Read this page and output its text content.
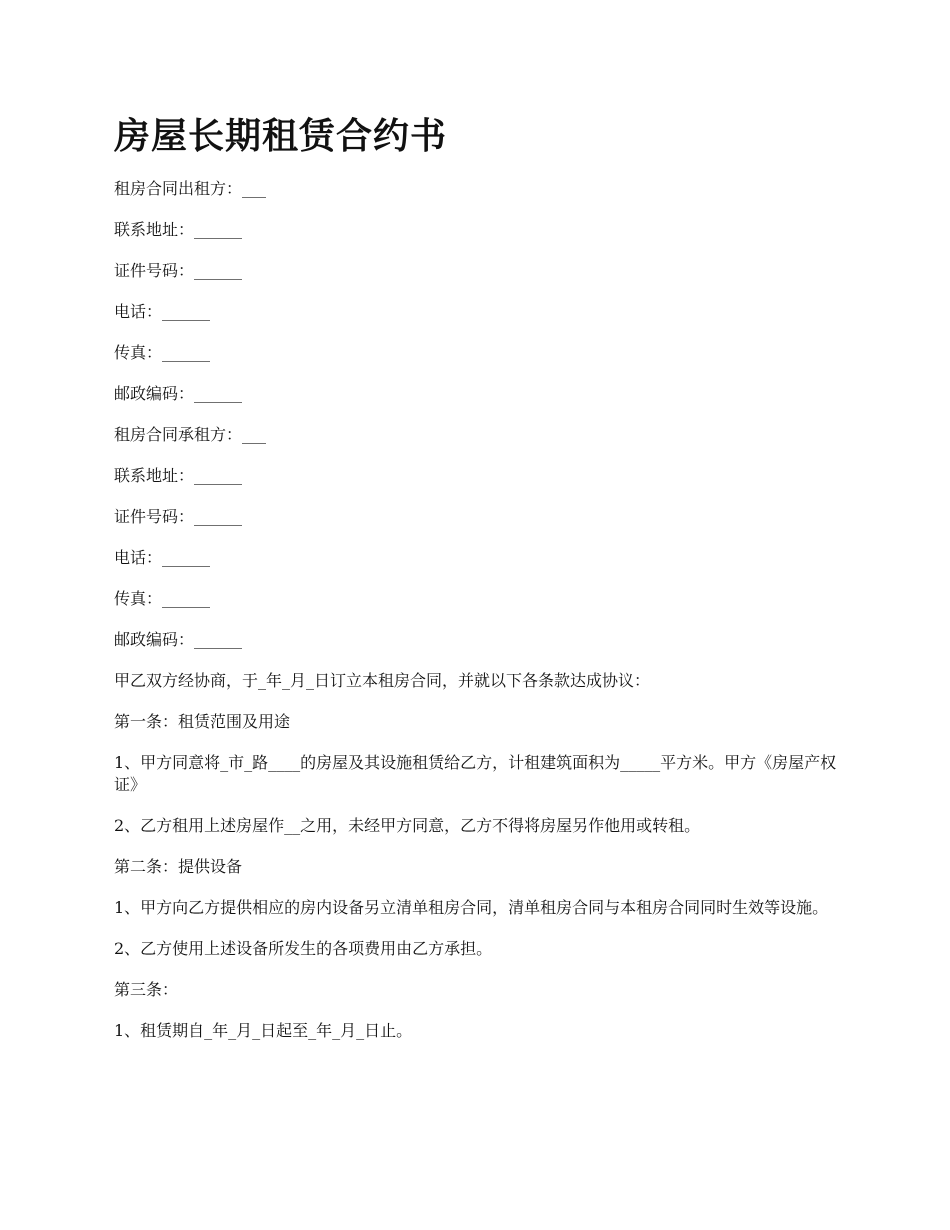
房屋长期租赁合约书

租房合同出租方：___

联系地址：______

证件号码：______

电话：______

传真：______

邮政编码：______

租房合同承租方：___

联系地址：______

证件号码：______

电话：______

传真：______

邮政编码：______

甲乙双方经协商，于_年_月_日订立本租房合同，并就以下各条款达成协议：

第一条：租赁范围及用途

1、甲方同意将_市_路____的房屋及其设施租赁给乙方，计租建筑面积为_____平方米。甲方《房屋产权证》

2、乙方租用上述房屋作__之用，未经甲方同意，乙方不得将房屋另作他用或转租。

第二条：提供设备

1、甲方向乙方提供相应的房内设备另立清单租房合同，清单租房合同与本租房合同同时生效等设施。

2、乙方使用上述设备所发生的各项费用由乙方承担。

第三条：

1、租赁期自_年_月_日起至_年_月_日止。
